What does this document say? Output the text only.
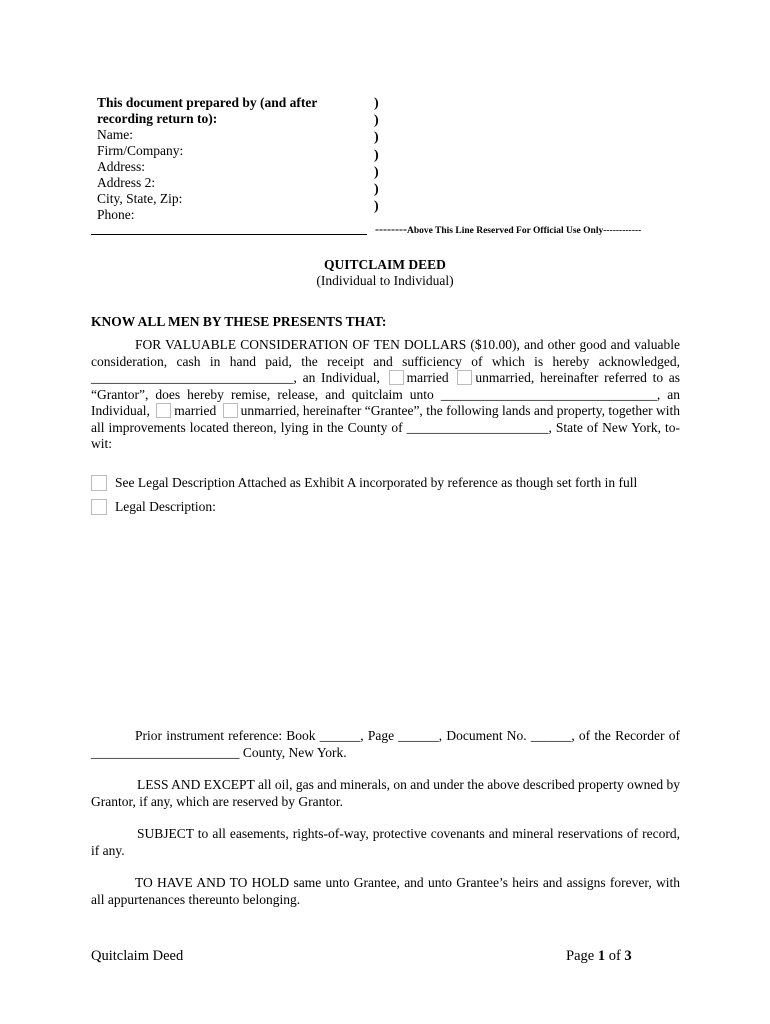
This document prepared by (and after recording return to):
Name:
Firm/Company:
Address:
Address 2:
City, State, Zip:
Phone:
)
)
)
)
)
)
)
--------Above This Line Reserved For Official Use Only------------
QUITCLAIM DEED
(Individual to Individual)
KNOW ALL MEN BY THESE PRESENTS THAT:
FOR VALUABLE CONSIDERATION OF TEN DOLLARS ($10.00), and other good and valuable consideration, cash in hand paid, the receipt and sufficiency of which is hereby acknowledged, ______________________________, an Individual, married unmarried, hereinafter referred to as “Grantor”, does hereby remise, release, and quitclaim unto ________________________________, an Individual, married unmarried, hereinafter “Grantee”, the following lands and property, together with all improvements located thereon, lying in the County of _____________________, State of New York, to-wit:
See Legal Description Attached as Exhibit A incorporated by reference as though set forth in full
Legal Description:
Prior instrument reference: Book ______, Page ______, Document No. ______, of the Recorder of ______________________ County, New York.
LESS AND EXCEPT all oil, gas and minerals, on and under the above described property owned by Grantor, if any, which are reserved by Grantor.
SUBJECT to all easements, rights-of-way, protective covenants and mineral reservations of record, if any.
TO HAVE AND TO HOLD same unto Grantee, and unto Grantee’s heirs and assigns forever, with all appurtenances thereunto belonging.
Quitclaim Deed	Page 1 of 3
